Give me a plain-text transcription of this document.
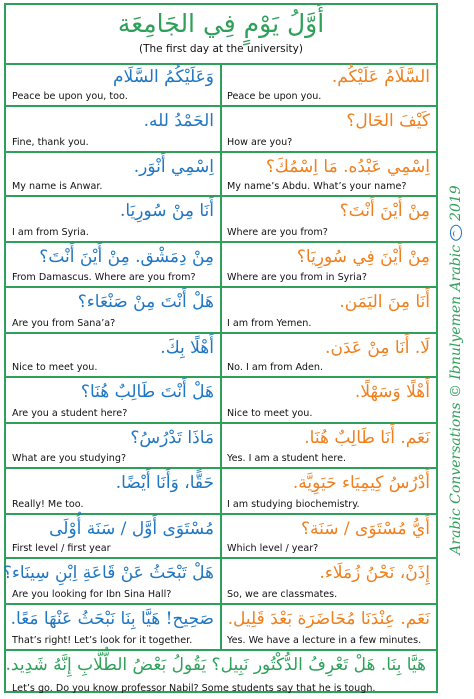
أَوَّلُ يَوْمٍ فِي الجَامِعَة
(The first day at the university)
وَعَلَيْكُمُ السَّلَام
Peace be upon you, too.
السَّلَامُ عَلَيْكُم.
Peace be upon you.
الحَمْدُ لله.
Fine, thank you.
كَيْفَ الحَال؟
How are you?
اِسْمِي أَنْوَر.
My name is Anwar.
اِسْمِي عَبْدُه. مَا اِسْمُكَ؟
My name’s Abdu. What’s your name?
أَنَا مِنْ سُورِيَا.
I am from Syria.
مِنْ أَيْنَ أَنْتَ؟
Where are you from?
مِنْ دِمَشْق. مِنْ أَيْنَ أَنْتَ؟
From Damascus. Where are you from?
مِنْ أَيْنَ فِي سُورِيَا؟
Where are you from in Syria?
هَلْ أَنْتَ مِنْ صَنْعَاء؟
Are you from Sana’a?
أَنَا مِنَ اليَمَن.
I am from Yemen.
أَهْلًا بِكَ.
Nice to meet you.
لَا. أَنَا مِنْ عَدَن.
No. I am from Aden.
هَلْ أَنْتَ طَالِبٌ هُنَا؟
Are you a student here?
أَهْلًا وَسَهْلًا.
Nice to meet you.
مَاذَا تَدْرُسُ؟
What are you studying?
نَعَم. أَنَا طَالِبٌ هُنَا.
Yes. I am a student here.
حَقًّا، وَأَنَا أَيْضًا.
Really! Me too.
أَدْرُسُ كِيمِيَاء حَيَوِيَّة.
I am studying biochemistry.
مُسْتَوَى أَوَّل / سَنَة أُوْلَى
First level / first year
أَيُّ مُسْتَوَى / سَنَة؟
Which level / year?
هَلْ تَبْحَثُ عَنْ قَاعَةِ اِبْنِ سِينَاء؟
Are you looking for Ibn Sina Hall?
إِذَنْ، نَحْنُ زُمَلَاء.
So, we are classmates.
صَحِيح! هَيَّا بِنَا نَبْحَثُ عَنْهَا مَعًا.
That’s right! Let’s look for it together.
نَعَم. عِنْدَنَا مُحَاضَرَة بَعْدَ قَلِيل.
Yes. We have a lecture in a few minutes.
هَيَّا بِنَا. هَلْ تَعْرِفُ الدُّكْتُور نَبِيل؟ يَقُولُ بَعْضُ الطُّلَّابِ إِنَّهُ شَدِيد.
Let’s go. Do you know professor Nabil? Some students say that he is tough.
Arabic Conversations © Ibnulyemen Arabic2019
